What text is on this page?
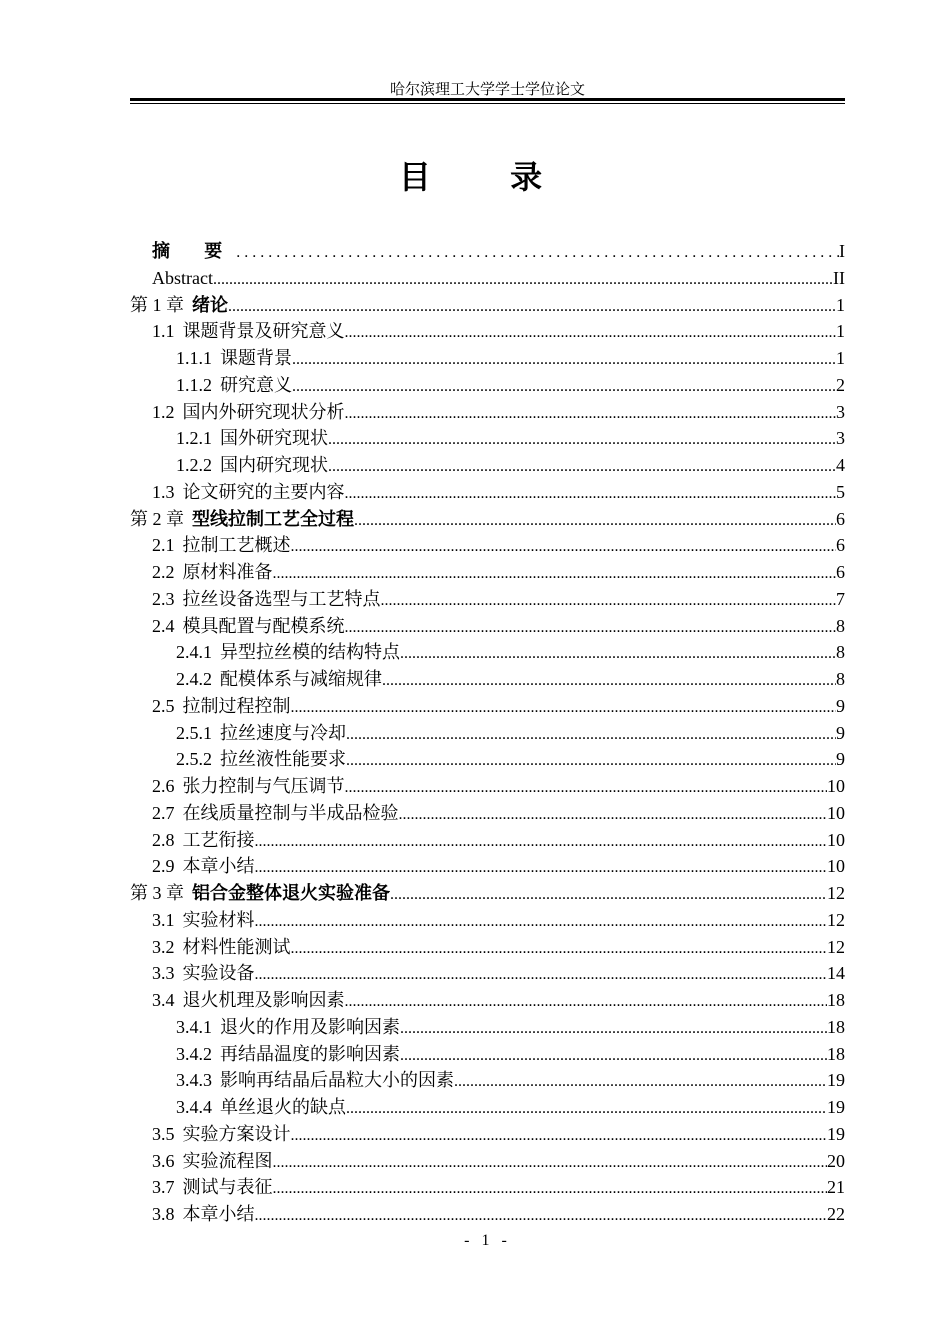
哈尔滨理工大学学士学位论文
目 录
摘 要 .....	I
Abstract .....	II
第 1 章 绪论 .....	1
1.1 课题背景及研究意义 .....	1
1.1.1 课题背景 .....	1
1.1.2 研究意义 .....	2
1.2 国内外研究现状分析 .....	3
1.2.1 国外研究现状 .....	3
1.2.2 国内研究现状 .....	4
1.3 论文研究的主要内容 .....	5
第 2 章 型线拉制工艺全过程 .....	6
2.1 拉制工艺概述 .....	6
2.2 原材料准备 .....	6
2.3 拉丝设备选型与工艺特点 .....	7
2.4 模具配置与配模系统 .....	8
2.4.1 异型拉丝模的结构特点 .....	8
2.4.2 配模体系与减缩规律 .....	8
2.5 拉制过程控制 .....	9
2.5.1 拉丝速度与冷却 .....	9
2.5.2 拉丝液性能要求 .....	9
2.6 张力控制与气压调节 .....	10
2.7 在线质量控制与半成品检验 .....	10
2.8 工艺衔接 .....	10
2.9 本章小结 .....	10
第 3 章 铝合金整体退火实验准备 .....	12
3.1 实验材料 .....	12
3.2 材料性能测试 .....	12
3.3 实验设备 .....	14
3.4 退火机理及影响因素 .....	18
3.4.1 退火的作用及影响因素 .....	18
3.4.2 再结晶温度的影响因素 .....	18
3.4.3 影响再结晶后晶粒大小的因素 .....	19
3.4.4 单丝退火的缺点 .....	19
3.5 实验方案设计 .....	19
3.6 实验流程图 .....	20
3.7 测试与表征 .....	21
3.8 本章小结 .....	22
- 1 -
